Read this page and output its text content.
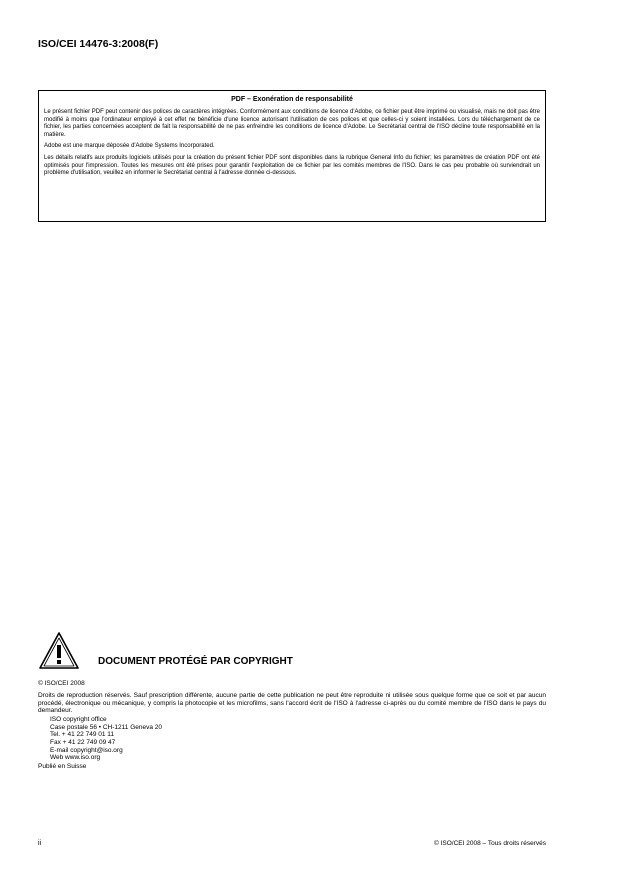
ISO/CEI 14476-3:2008(F)
PDF – Exonération de responsabilité

Le présent fichier PDF peut contenir des polices de caractères intégrées. Conformément aux conditions de licence d'Adobe, ce fichier peut être imprimé ou visualisé, mais ne doit pas être modifié à moins que l'ordinateur employé à cet effet ne bénéficie d'une licence autorisant l'utilisation de ces polices et que celles-ci y soient installées. Lors du téléchargement de ce fichier, les parties concernées acceptent de fait la responsabilité de ne pas enfreindre les conditions de licence d'Adobe. Le Secrétariat central de l'ISO décline toute responsabilité en la matière.

Adobe est une marque déposée d'Adobe Systems Incorporated.

Les détails relatifs aux produits logiciels utilisés pour la création du présent fichier PDF sont disponibles dans la rubrique General Info du fichier; les paramètres de création PDF ont été optimisés pour l'impression. Toutes les mesures ont été prises pour garantir l'exploitation de ce fichier par les comités membres de l'ISO. Dans le cas peu probable où surviendrait un problème d'utilisation, veuillez en informer le Secrétariat central à l'adresse donnée ci-dessous.

DOCUMENT PROTÉGÉ PAR COPYRIGHT

© ISO/CEI 2008

Droits de reproduction réservés. Sauf prescription différente, aucune partie de cette publication ne peut être reproduite ni utilisée sous quelque forme que ce soit et par aucun procédé, électronique ou mécanique, y compris la photocopie et les microfilms, sans l'accord écrit de l'ISO à l'adresse ci-après ou du comité membre de l'ISO dans le pays du demandeur.

ISO copyright office
Case postale 56 • CH-1211 Geneva 20
Tel. + 41 22 749 01 11
Fax + 41 22 749 09 47
E-mail copyright@iso.org
Web www.iso.org

Publié en Suisse

ii	© ISO/CEI 2008 – Tous droits réservés
